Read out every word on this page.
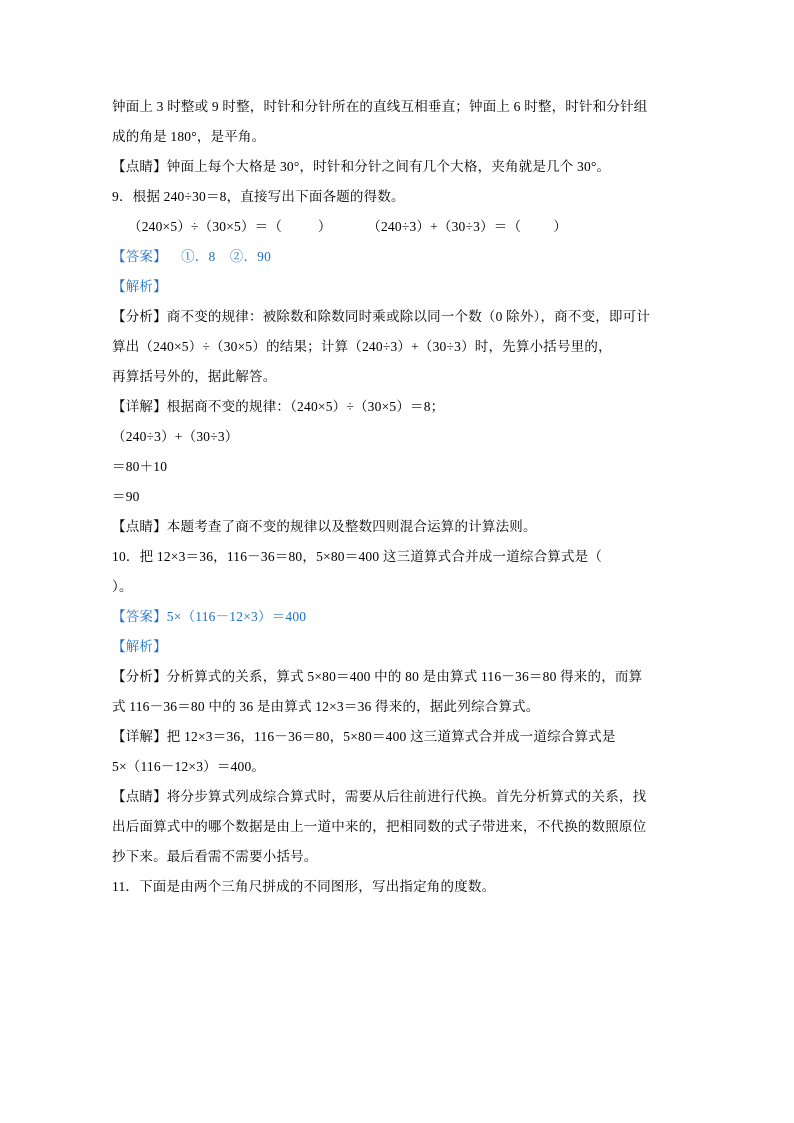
钟面上 3 时整或 9 时整，时针和分针所在的直线互相垂直；钟面上 6 时整，时针和分针组
成的角是 180°，是平角。
【点睛】钟面上每个大格是 30°，时针和分针之间有几个大格，夹角就是几个 30°。
9．根据 240÷30＝8，直接写出下面各题的得数。
（240×5）÷（30×5）＝（          ）          （240÷3）+（30÷3）＝（         ）
【答案】    ①．8    ②．90
【解析】
【分析】商不变的规律：被除数和除数同时乘或除以同一个数（0 除外），商不变，即可计
算出（240×5）÷（30×5）的结果；计算（240÷3）+（30÷3）时，先算小括号里的，
再算括号外的，据此解答。
【详解】根据商不变的规律：（240×5）÷（30×5）＝8；
（240÷3）+（30÷3）
＝80＋10
＝90
【点睛】本题考查了商不变的规律以及整数四则混合运算的计算法则。
10．把 12×3＝36，116－36＝80，5×80＝400 这三道算式合并成一道综合算式是（
）。
【答案】5×（116－12×3）＝400
【解析】
【分析】分析算式的关系，算式 5×80＝400 中的 80 是由算式 116－36＝80 得来的，而算
式 116－36＝80 中的 36 是由算式 12×3＝36 得来的，据此列综合算式。
【详解】把 12×3＝36，116－36＝80，5×80＝400 这三道算式合并成一道综合算式是
5×（116－12×3）＝400。
【点睛】将分步算式列成综合算式时，需要从后往前进行代换。首先分析算式的关系，找
出后面算式中的哪个数据是由上一道中来的，把相同数的式子带进来，不代换的数照原位
抄下来。最后看需不需要小括号。
11．下面是由两个三角尺拼成的不同图形，写出指定角的度数。
